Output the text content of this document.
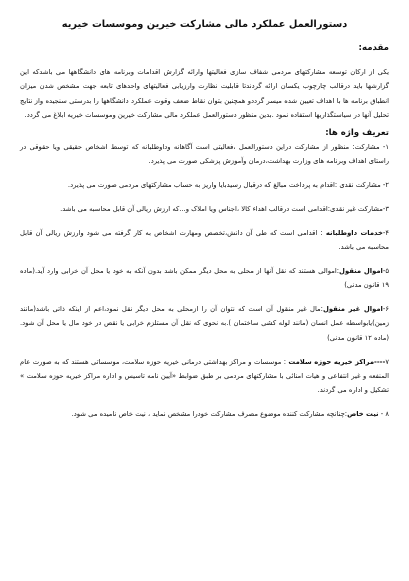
دستورالعمل عملکرد مالی مشارکت خیرین وموسسات خیریه
مقدمه:

یکی از ارکان توسعه مشارکتهای مردمی شفاف سازی فعالیتها وارائه گزارش اقدامات وبرنامه های دانشگاهها می باشدکه این گزارشها باید درقالب چارچوب یکسان ارائه گردندتا قابلیت نظارت وارزیابی فعالیتهای واحدهای تابعه جهت مشخص شدن میزان انطباق برنامه ها با اهداف تعیین شده میسر گرددو همچنین بتوان نقاط ضعف وقوت عملکرد دانشگاهها را بدرستی سنجیده واز نتایج تحلیل آنها در سیاستگذاریها استفاده نمود .بدین منظور دستورالعمل عملکرد مالی مشارکت خیرین وموسسات خیریه ابلاغ می گردد.

تعریف واژه ها:

۱- مشارکت: منظور از مشارکت دراین دستورالعمل ،فعالیتی است آگاهانه وداوطلبانه که توسط اشخاص حقیقی ویا حقوقی در راستای اهداف وبرنامه های وزارت بهداشت،درمان وآموزش پزشکی صورت می پذیرد.

۲- مشارکت نقدی :اقدام به پرداخت مبالغ که درقبال رسیدبایا واریز به حساب مشارکتهای مردمی صورت می پذیرد.

۳-مشارکت غیر نقدی:اقدامی است درقالب اهداء کالا ،اجناس ویا املاک و...که ارزش ریالی آن قابل محاسبه می باشد.

۴-خدمات داوطلبانه : اقدامی است که طی آن دانش،تخصص ومهارت اشخاص به کار گرفته می شود وارزش ریالی آن قابل محاسبه می باشد.

۵-اموال منقول:اموالی هستند که نقل آنها از محلی به محل دیگر ممکن باشد بدون آنکه به خود یا محل آن خرابی وارد آید.(ماده ۱۹ قانون مدنی)

۶-اموال غیر منقول:مال غیر منقول آن است که نتوان آن را ازمحلی به محل دیگر نقل نمود،اعم از اینکه ذاتی باشد(مانند زمین)یابواسطه عمل انسان (مانند لوله کشی ساختمان ).به نحوی که نقل آن مستلزم خرابی یا نقص در خود مال یا محل آن شود.(ماده ۱۲ قانون مدنی)

۷----مراکز خیریه حوزه سلامت : موسسات و مراکز بهداشتی درمانی خیریه حوزه سلامت، موسساتی هستند که به صورت عام المنفعه و غیر انتفاعی و هیات امنائی با مشارکتهای مردمی بر طبق ضوابط «آیین نامه تاسیس و اداره مراکز خیریه حوزه سلامت » تشکیل و اداره می گردند.

۸ - نیت خاص:چنانچه مشارکت کننده موضوع مصرف مشارکت خودرا مشخص نماید ، نیت خاص نامیده می شود.
